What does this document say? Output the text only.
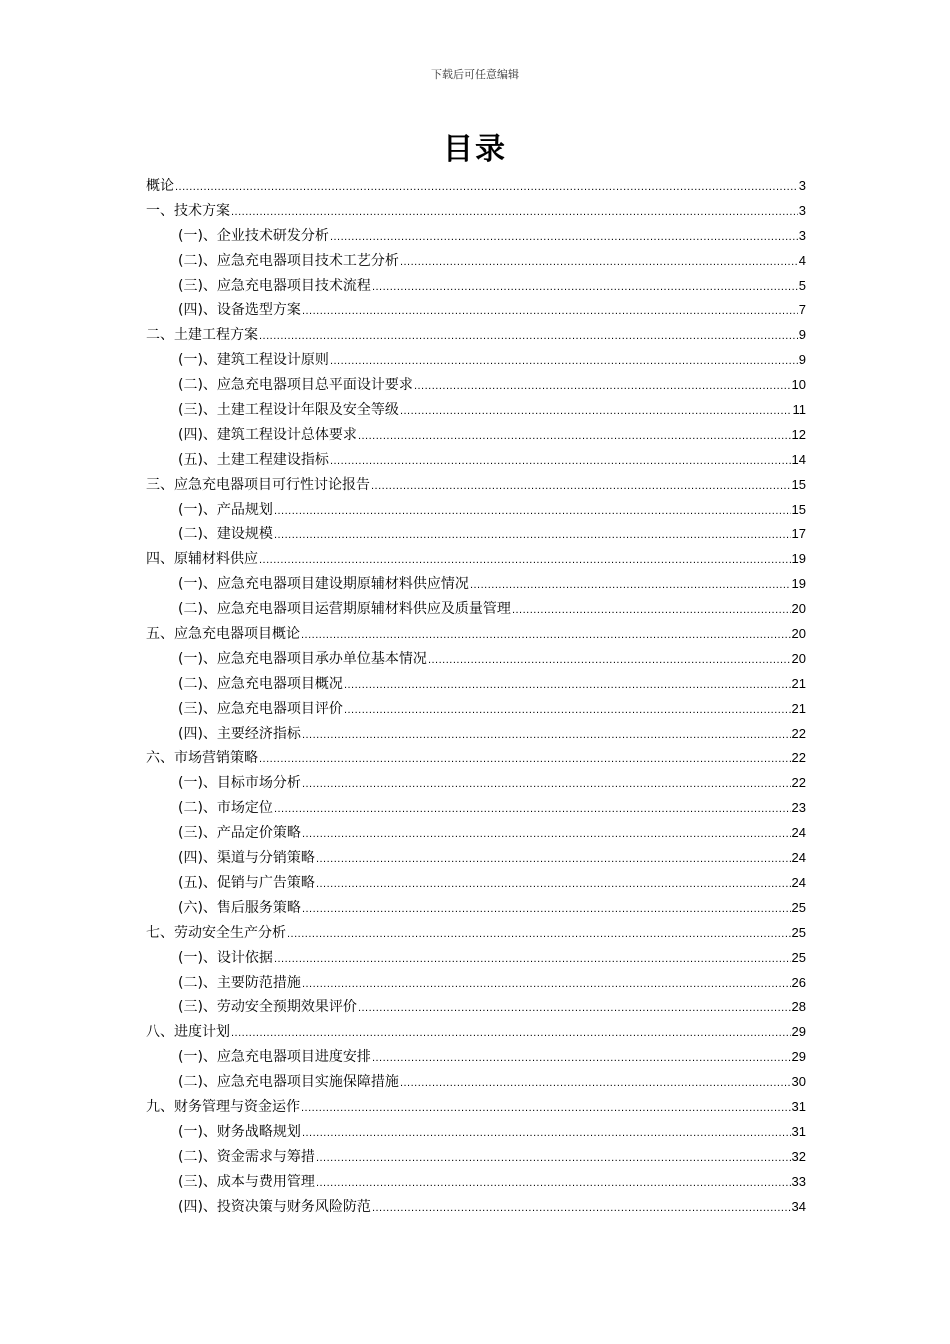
下载后可任意编辑
目录
概论 .....	3
一、技术方案 .....	3
(一)、企业技术研发分析 .....	3
(二)、应急充电器项目技术工艺分析 .....	4
(三)、应急充电器项目技术流程 .....	5
(四)、设备选型方案 .....	7
二、土建工程方案 .....	9
(一)、建筑工程设计原则 .....	9
(二)、应急充电器项目总平面设计要求 .....	10
(三)、土建工程设计年限及安全等级 .....	11
(四)、建筑工程设计总体要求 .....	12
(五)、土建工程建设指标 .....	14
三、应急充电器项目可行性讨论报告 .....	15
(一)、产品规划 .....	15
(二)、建设规模 .....	17
四、原辅材料供应 .....	19
(一)、应急充电器项目建设期原辅材料供应情况 .....	19
(二)、应急充电器项目运营期原辅材料供应及质量管理 .....	20
五、应急充电器项目概论 .....	20
(一)、应急充电器项目承办单位基本情况 .....	20
(二)、应急充电器项目概况 .....	21
(三)、应急充电器项目评价 .....	21
(四)、主要经济指标 .....	22
六、市场营销策略 .....	22
(一)、目标市场分析 .....	22
(二)、市场定位 .....	23
(三)、产品定价策略 .....	24
(四)、渠道与分销策略 .....	24
(五)、促销与广告策略 .....	24
(六)、售后服务策略 .....	25
七、劳动安全生产分析 .....	25
(一)、设计依据 .....	25
(二)、主要防范措施 .....	26
(三)、劳动安全预期效果评价 .....	28
八、进度计划 .....	29
(一)、应急充电器项目进度安排 .....	29
(二)、应急充电器项目实施保障措施 .....	30
九、财务管理与资金运作 .....	31
(一)、财务战略规划 .....	31
(二)、资金需求与筹措 .....	32
(三)、成本与费用管理 .....	33
(四)、投资决策与财务风险防范 .....	34
